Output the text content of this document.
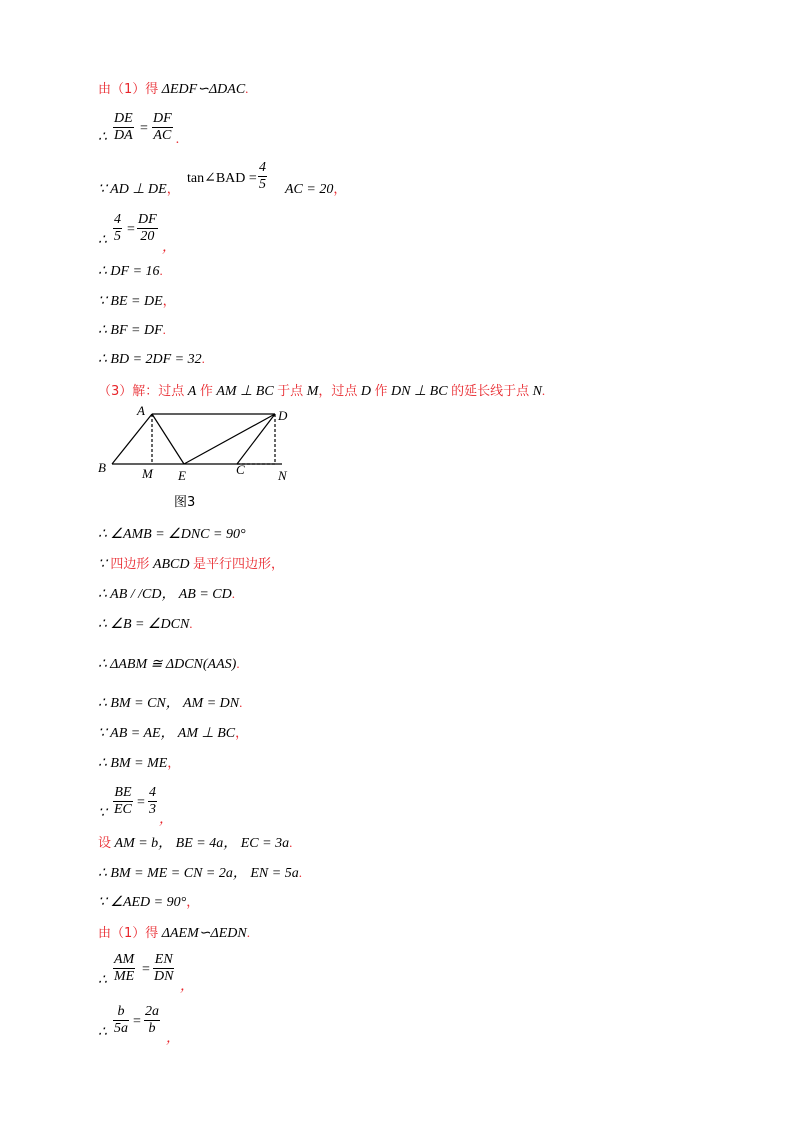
由（1）得 ΔEDF∽ΔDAC.
∴ $\frac{DE}{DA} = \frac{DF}{AC}$ .
∵ AD ⊥ DE，
tan∠BAD = $\frac{4}{5}$ AC = 20，
∴ $\frac{4}{5} = \frac{DF}{20}$
，
∴ DF = 16.
∵ BE = DE，
∴ BF = DF.
∴ BD = 2DF = 32.
（3）解：过点 A 作 AM ⊥ BC 于点 M，过点 D 作 DN ⊥ BC 的延长线于点 N.
A	D
B	M E	C	N
图3
∴ ∠AMB = ∠DNC = 90°
∵ 四边形 ABCD 是平行四边形，
∴ AB / /CD， AB = CD.
∴ ∠B = ∠DCN.
∴ ΔABM ≅ ΔDCN(AAS).
∴ BM = CN， AM = DN.
∵ AB = AE， AM ⊥ BC，
∴ BM = ME，
∵ $\frac{BE}{EC} = \frac{4}{3}$
，
设 AM = b， BE = 4a， EC = 3a.
∴ BM = ME = CN = 2a， EN = 5a.
∵ ∠AED = 90°，
由（1）得 ΔAEM∽ΔEDN.
∴ $\frac{AM}{ME} = \frac{EN}{DN}$
，
∴ $\frac{b}{5a} = \frac{2a}{b}$
，
